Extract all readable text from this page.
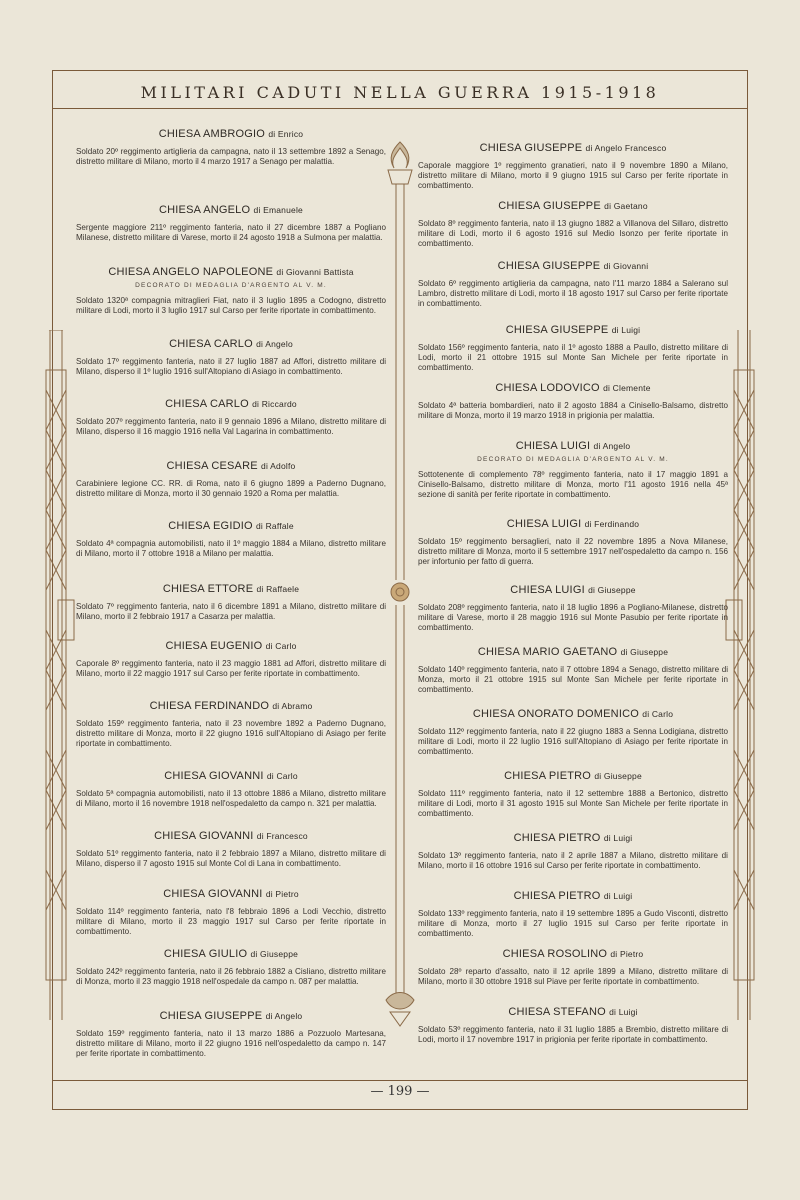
MILITARI CADUTI NELLA GUERRA 1915-1918
CHIESA AMBROGIO di Enrico
Soldato 20º reggimento artiglieria da campagna, nato il 13 settembre 1892 a Senago, distretto militare di Milano, morto il 4 marzo 1917 a Senago per malattia.
CHIESA ANGELO di Emanuele
Sergente maggiore 211º reggimento fanteria, nato il 27 dicembre 1887 a Pogliano Milanese, distretto militare di Varese, morto il 24 agosto 1918 a Sulmona per malattia.
CHIESA ANGELO NAPOLEONE di Giovanni Battista
DECORATO DI MEDAGLIA D'ARGENTO AL V. M.
Soldato 1320ª compagnia mitraglieri Fiat, nato il 3 luglio 1895 a Codogno, distretto militare di Lodi, morto il 3 luglio 1917 sul Carso per ferite riportate in combattimento.
CHIESA CARLO di Angelo
Soldato 17º reggimento fanteria, nato il 27 luglio 1887 ad Affori, distretto militare di Milano, disperso il 1º luglio 1916 sull'Altopiano di Asiago in combattimento.
CHIESA CARLO di Riccardo
Soldato 207º reggimento fanteria, nato il 9 gennaio 1896 a Milano, distretto militare di Milano, disperso il 16 maggio 1916 nella Val Lagarina in combattimento.
CHIESA CESARE di Adolfo
Carabiniere legione CC. RR. di Roma, nato il 6 giugno 1899 a Paderno Dugnano, distretto militare di Monza, morto il 30 gennaio 1920 a Roma per malattia.
CHIESA EGIDIO di Raffale
Soldato 4ª compagnia automobilisti, nato il 1º maggio 1884 a Milano, distretto militare di Milano, morto il 7 ottobre 1918 a Milano per malattia.
CHIESA ETTORE di Raffaele
Soldato 7º reggimento fanteria, nato il 6 dicembre 1891 a Milano, distretto militare di Milano, morto il 2 febbraio 1917 a Casarza per malattia.
CHIESA EUGENIO di Carlo
Caporale 8º reggimento fanteria, nato il 23 maggio 1881 ad Affori, distretto militare di Milano, morto il 22 maggio 1917 sul Carso per ferite riportate in combattimento.
CHIESA FERDINANDO di Abramo
Soldato 159º reggimento fanteria, nato il 23 novembre 1892 a Paderno Dugnano, distretto militare di Monza, morto il 22 giugno 1916 sull'Altopiano di Asiago per ferite riportate in combattimento.
CHIESA GIOVANNI di Carlo
Soldato 5ª compagnia automobilisti, nato il 13 ottobre 1886 a Milano, distretto militare di Milano, morto il 16 novembre 1918 nell'ospedaletto da campo n. 321 per malattia.
CHIESA GIOVANNI di Francesco
Soldato 51º reggimento fanteria, nato il 2 febbraio 1897 a Milano, distretto militare di Milano, disperso il 7 agosto 1915 sul Monte Col di Lana in combattimento.
CHIESA GIOVANNI di Pietro
Soldato 114º reggimento fanteria, nato l'8 febbraio 1896 a Lodi Vecchio, distretto militare di Milano, morto il 23 maggio 1917 sul Carso per ferite riportate in combattimento.
CHIESA GIULIO di Giuseppe
Soldato 242º reggimento fanteria, nato il 26 febbraio 1882 a Cisliano, distretto militare di Monza, morto il 23 maggio 1918 nell'ospedale da campo n. 087 per malattia.
CHIESA GIUSEPPE di Angelo
Soldato 159º reggimento fanteria, nato il 13 marzo 1886 a Pozzuolo Martesana, distretto militare di Milano, morto il 22 giugno 1916 nell'ospedaletto da campo n. 147 per ferite riportate in combattimento.
CHIESA GIUSEPPE di Angelo Francesco
Caporale maggiore 1º reggimento granatieri, nato il 9 novembre 1890 a Milano, distretto militare di Milano, morto il 9 giugno 1915 sul Carso per ferite riportate in combattimento.
CHIESA GIUSEPPE di Gaetano
Soldato 8º reggimento fanteria, nato il 13 giugno 1882 a Villanova del Sillaro, distretto militare di Lodi, morto il 6 agosto 1916 sul Medio Isonzo per ferite riportate in combattimento.
CHIESA GIUSEPPE di Giovanni
Soldato 6º reggimento artiglieria da campagna, nato l'11 marzo 1884 a Salerano sul Lambro, distretto militare di Lodi, morto il 18 agosto 1917 sul Carso per ferite riportate in combattimento.
CHIESA GIUSEPPE di Luigi
Soldato 156º reggimento fanteria, nato il 1º agosto 1888 a Paullo, distretto militare di Lodi, morto il 21 ottobre 1915 sul Monte San Michele per ferite riportate in combattimento.
CHIESA LODOVICO di Clemente
Soldato 4ª batteria bombardieri, nato il 2 agosto 1884 a Cinisello-Balsamo, distretto militare di Monza, morto il 19 marzo 1918 in prigionia per malattia.
CHIESA LUIGI di Angelo
DECORATO DI MEDAGLIA D'ARGENTO AL V. M.
Sottotenente di complemento 78º reggimento fanteria, nato il 17 maggio 1891 a Cinisello-Balsamo, distretto militare di Monza, morto l'11 agosto 1916 nella 45ª sezione di sanità per ferite riportate in combattimento.
CHIESA LUIGI di Ferdinando
Soldato 15º reggimento bersaglieri, nato il 22 novembre 1895 a Nova Milanese, distretto militare di Monza, morto il 5 settembre 1917 nell'ospedaletto da campo n. 156 per infortunio per fatto di guerra.
CHIESA LUIGI di Giuseppe
Soldato 208º reggimento fanteria, nato il 18 luglio 1896 a Pogliano-Milanese, distretto militare di Varese, morto il 28 maggio 1916 sul Monte Pasubio per ferite riportate in combattimento.
CHIESA MARIO GAETANO di Giuseppe
Soldato 140º reggimento fanteria, nato il 7 ottobre 1894 a Senago, distretto militare di Monza, morto il 21 ottobre 1915 sul Monte San Michele per ferite riportate in combattimento.
CHIESA ONORATO DOMENICO di Carlo
Soldato 112º reggimento fanteria, nato il 22 giugno 1883 a Senna Lodigiana, distretto militare di Lodi, morto il 22 luglio 1916 sull'Altopiano di Asiago per ferite riportate in combattimento.
CHIESA PIETRO di Giuseppe
Soldato 111º reggimento fanteria, nato il 12 settembre 1888 a Bertonico, distretto militare di Lodi, morto il 31 agosto 1915 sul Monte San Michele per ferite riportate in combattimento.
CHIESA PIETRO di Luigi
Soldato 13º reggimento fanteria, nato il 2 aprile 1887 a Milano, distretto militare di Milano, morto il 16 ottobre 1916 sul Carso per ferite riportate in combattimento.
CHIESA PIETRO di Luigi
Soldato 133º reggimento fanteria, nato il 19 settembre 1895 a Gudo Visconti, distretto militare di Monza, morto il 27 luglio 1915 sul Carso per ferite riportate in combattimento.
CHIESA ROSOLINO di Pietro
Soldato 28º reparto d'assalto, nato il 12 aprile 1899 a Milano, distretto militare di Milano, morto il 30 ottobre 1918 sul Piave per ferite riportate in combattimento.
CHIESA STEFANO di Luigi
Soldato 53º reggimento fanteria, nato il 31 luglio 1885 a Brembio, distretto militare di Lodi, morto il 17 novembre 1917 in prigionia per ferite riportate in combattimento.
— 199 —
